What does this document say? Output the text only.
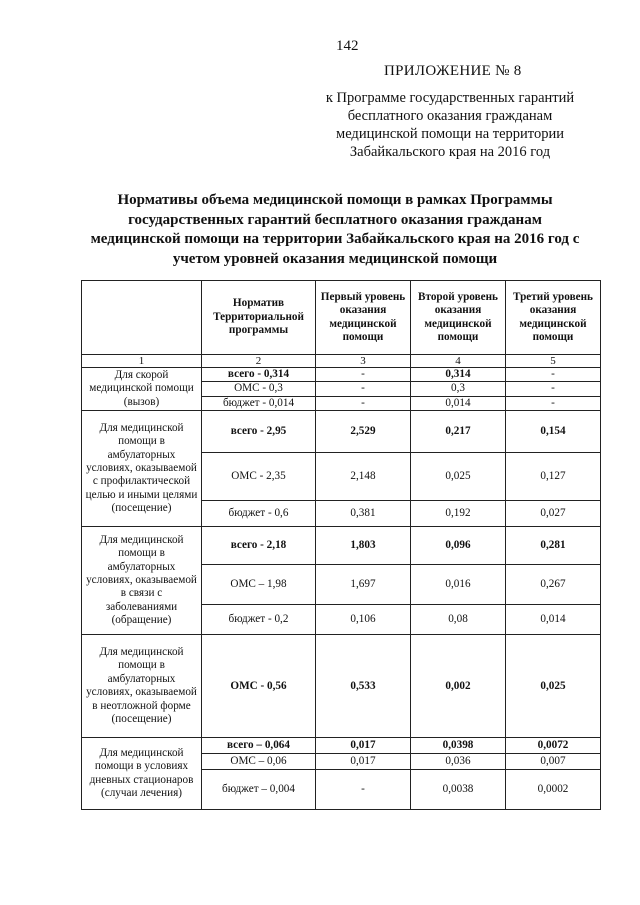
142
ПРИЛОЖЕНИЕ № 8
к Программе государственных гарантий
бесплатного оказания гражданам
медицинской помощи на территории
Забайкальского края на 2016 год
Нормативы объема медицинской помощи в рамках Программы
государственных гарантий бесплатного оказания гражданам
медицинской помощи на территории Забайкальского края на 2016 год с
учетом уровней оказания медицинской помощи
	Норматив Территориальной программы	Первый уровень оказания медицинской помощи	Второй уровень оказания медицинской помощи	Третий уровень оказания медицинской помощи
1	2	3	4	5
Для скорой медицинской помощи (вызов)	всего - 0,314	-	0,314	-
	ОМС - 0,3	-	0,3	-
	бюджет - 0,014	-	0,014	-
Для медицинской помощи в амбулаторных условиях, оказываемой с профилактической целью и иными целями (посещение)	всего - 2,95	2,529	0,217	0,154
	ОМС - 2,35	2,148	0,025	0,127
	бюджет - 0,6	0,381	0,192	0,027
Для медицинской помощи в амбулаторных условиях, оказываемой в связи с заболеваниями (обращение)	всего - 2,18	1,803	0,096	0,281
	ОМС – 1,98	1,697	0,016	0,267
	бюджет - 0,2	0,106	0,08	0,014
Для медицинской помощи в амбулаторных условиях, оказываемой в неотложной форме (посещение)	ОМС - 0,56	0,533	0,002	0,025
Для медицинской помощи в условиях дневных стационаров (случаи лечения)	всего – 0,064	0,017	0,0398	0,0072
	ОМС – 0,06	0,017	0,036	0,007
	бюджет – 0,004	-	0,0038	0,0002
